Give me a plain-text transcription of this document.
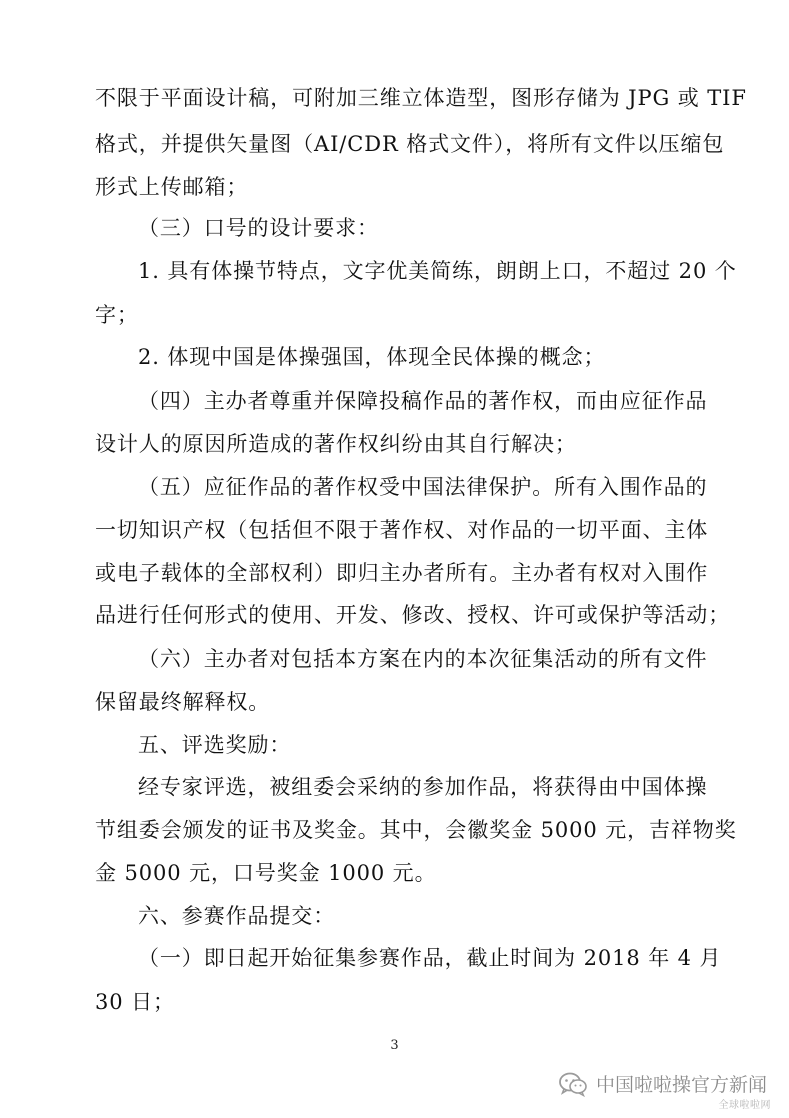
不限于平面设计稿，可附加三维立体造型，图形存储为 JPG 或 TIF
格式，并提供矢量图（AI/CDR 格式文件），将所有文件以压缩包
形式上传邮箱；
（三）口号的设计要求：
1. 具有体操节特点，文字优美简练，朗朗上口，不超过 20 个
字；
2. 体现中国是体操强国，体现全民体操的概念；
（四）主办者尊重并保障投稿作品的著作权，而由应征作品
设计人的原因所造成的著作权纠纷由其自行解决；
（五）应征作品的著作权受中国法律保护。所有入围作品的
一切知识产权（包括但不限于著作权、对作品的一切平面、主体
或电子载体的全部权利）即归主办者所有。主办者有权对入围作
品进行任何形式的使用、开发、修改、授权、许可或保护等活动；
（六）主办者对包括本方案在内的本次征集活动的所有文件
保留最终解释权。
五、评选奖励：
经专家评选，被组委会采纳的参加作品，将获得由中国体操
节组委会颁发的证书及奖金。其中，会徽奖金 5000 元，吉祥物奖
金 5000 元，口号奖金 1000 元。
六、参赛作品提交：
（一）即日起开始征集参赛作品，截止时间为 2018 年 4 月
30 日；
3
中国啦啦操官方新闻
全球啦啦网
